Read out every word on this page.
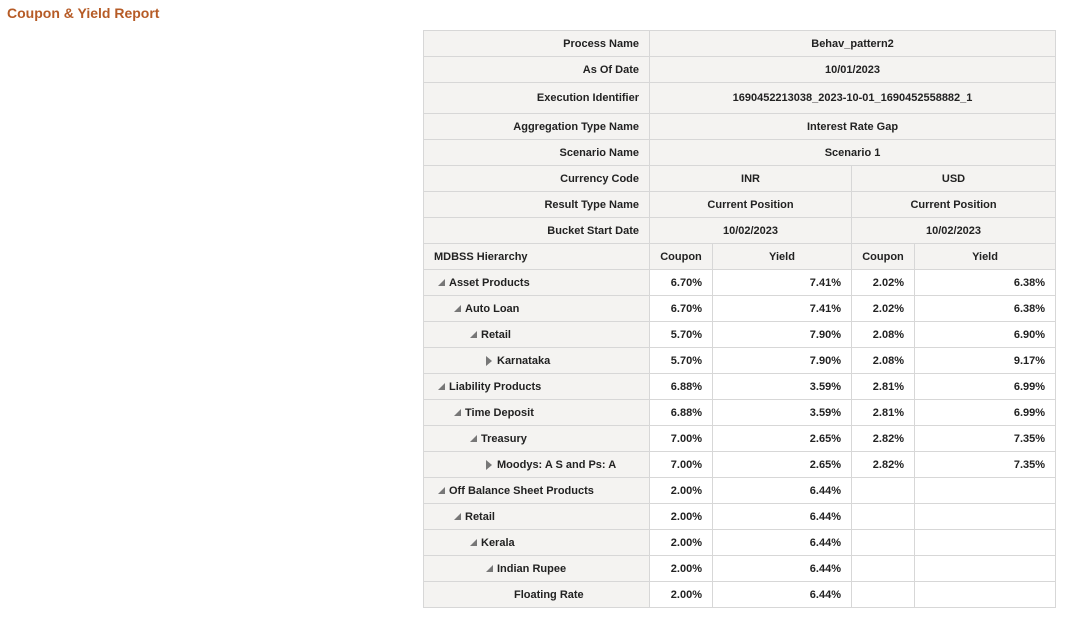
Coupon & Yield Report
Process Name	Behav_pattern2			
As Of Date	10/01/2023			
Execution Identifier	1690452213038_2023-10-01_1690452558882_1			
Aggregation Type Name	Interest Rate Gap			
Scenario Name	Scenario 1			
Currency Code	INR		USD	
Result Type Name	Current Position		Current Position	
Bucket Start Date	10/02/2023		10/02/2023	
MDBSS Hierarchy	Coupon	Yield	Coupon	Yield
Asset Products	6.70%	7.41%	2.02%	6.38%
Auto Loan	6.70%	7.41%	2.02%	6.38%
Retail	5.70%	7.90%	2.08%	6.90%
Karnataka	5.70%	7.90%	2.08%	9.17%
Liability Products	6.88%	3.59%	2.81%	6.99%
Time Deposit	6.88%	3.59%	2.81%	6.99%
Treasury	7.00%	2.65%	2.82%	7.35%
Moodys: A S and Ps: A	7.00%	2.65%	2.82%	7.35%
Off Balance Sheet Products	2.00%	6.44%		
Retail	2.00%	6.44%		
Kerala	2.00%	6.44%		
Indian Rupee	2.00%	6.44%		
Floating Rate	2.00%	6.44%		
